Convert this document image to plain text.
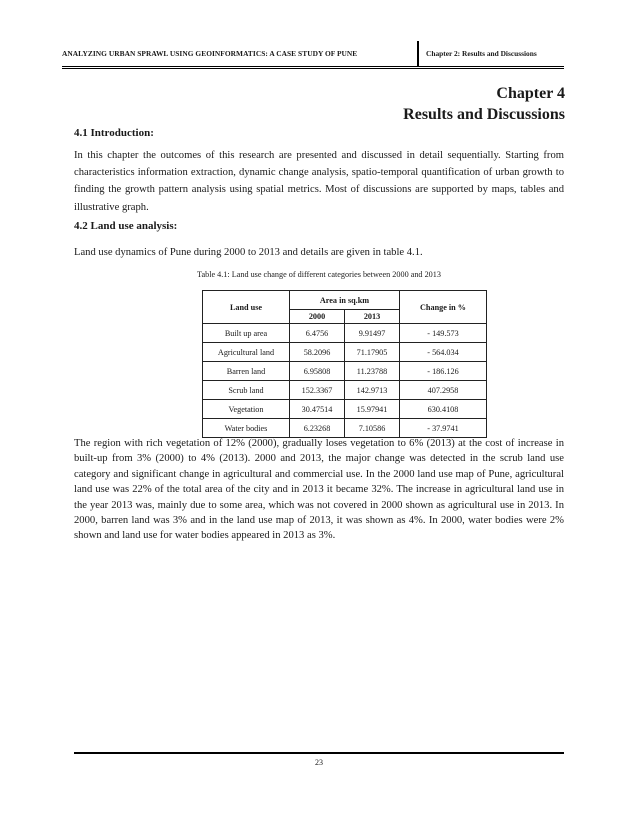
ANALYZING URBAN SPRAWL USING GEOINFORMATICS: A CASE STUDY OF PUNE	Chapter 2: Results and Discussions
Chapter 4
Results and Discussions
4.1 Introduction:

In this chapter the outcomes of this research are presented and discussed in detail sequentially. Starting from characteristics information extraction, dynamic change analysis, spatio-temporal quantification of urban growth to finding the growth pattern analysis using spatial metrics. Most of discussions are supported by maps, tables and illustrative graph.

4.2 Land use analysis:

Land use dynamics of Pune during 2000 to 2013 and details are given in table 4.1.

Table 4.1: Land use change of different categories between 2000 and 2013
Land use	Area in sq.km		Change in %
	2000	2013	
Built up area	6.4756	9.91497	- 149.573
Agricultural land	58.2096	71.17905	- 564.034
Barren land	6.95808	11.23788	- 186.126
Scrub land	152.3367	142.9713	407.2958
Vegetation	30.47514	15.97941	630.4108
Water bodies	6.23268	7.10586	- 37.9741

The region with rich vegetation of 12% (2000), gradually loses vegetation to 6% (2013) at the cost of increase in built-up from 3% (2000) to 4% (2013). 2000 and 2013, the major change was detected in the scrub land use category and significant change in agricultural and commercial use. In the 2000 land use map of Pune, agricultural land use was 22% of the total area of the city and in 2013 it became 32%. The increase in agricultural land use in the year 2013 was, mainly due to some area, which was not covered in 2000 shown as agricultural use in 2013. In 2000, barren land was 3% and in the land use map of 2013, it was shown as 4%. In 2000, water bodies were 2% shown and land use for water bodies appeared in 2013 as 3%.

23
